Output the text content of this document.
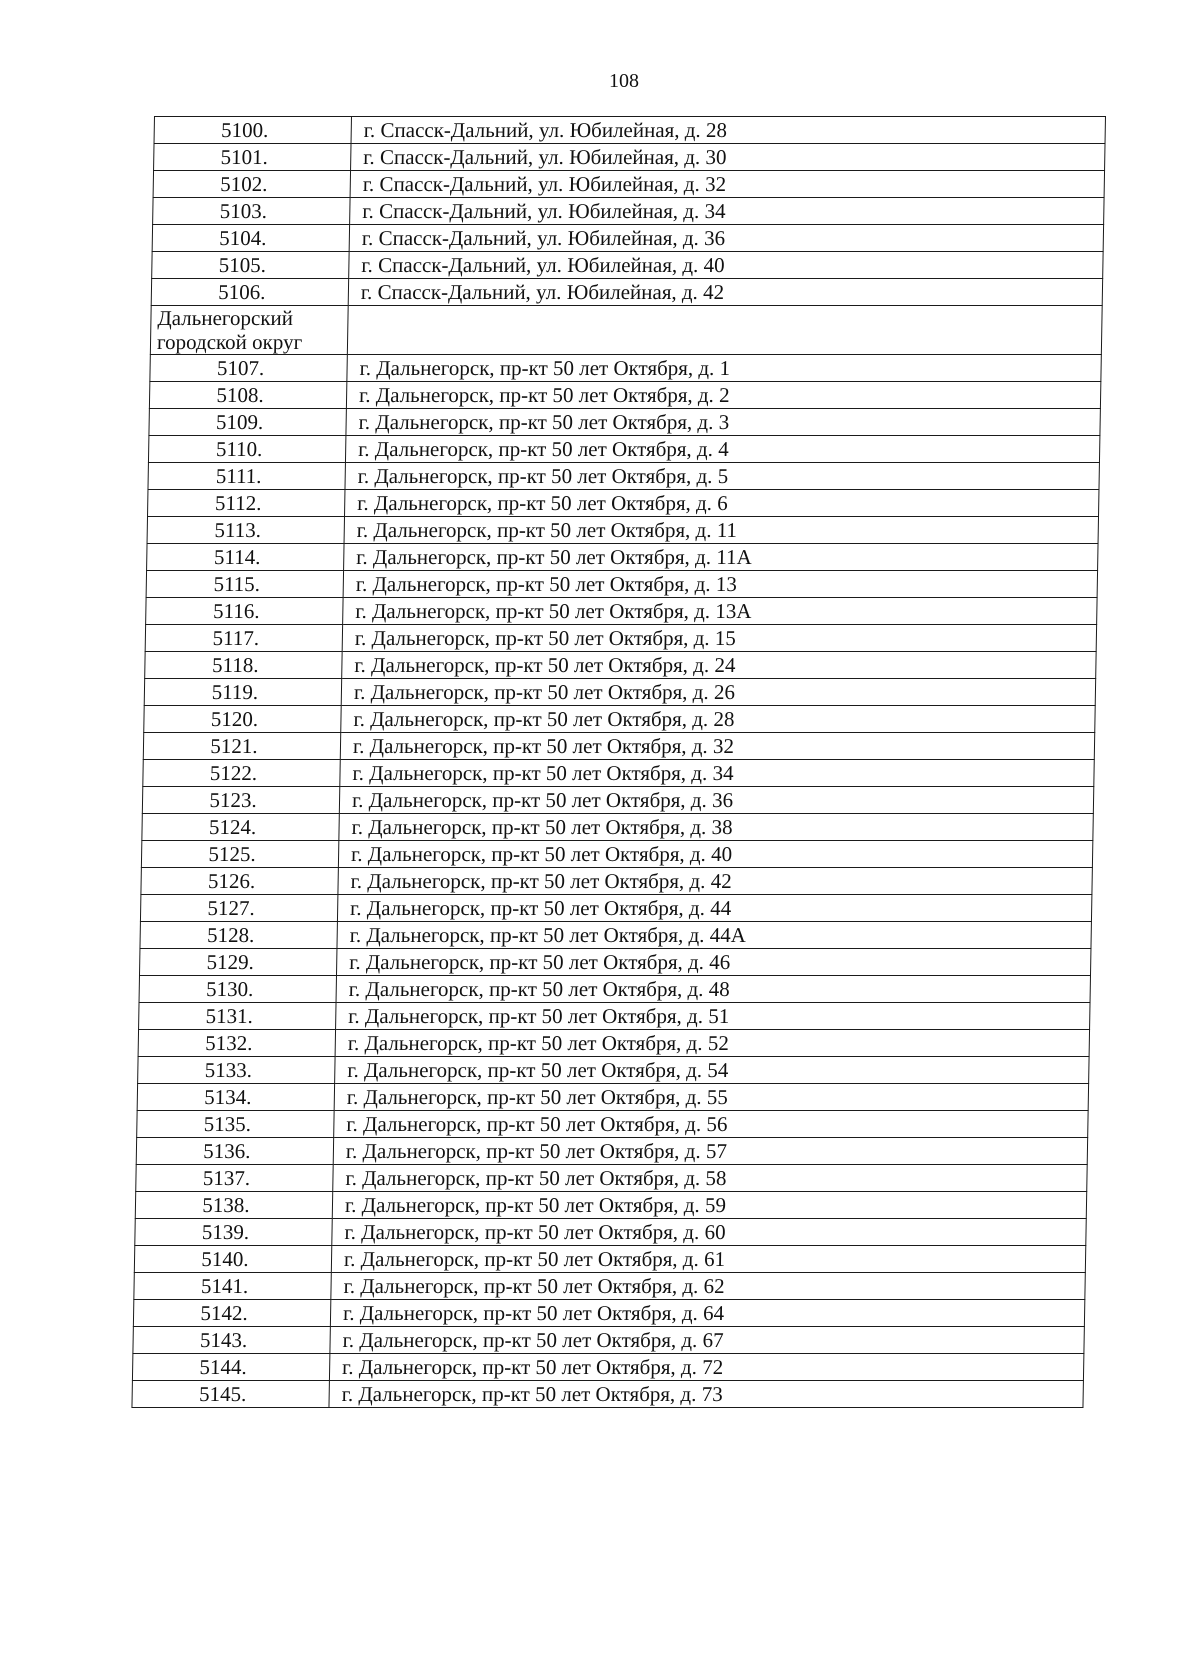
108
5100.	г. Спасск-Дальний, ул. Юбилейная, д. 28
5101.	г. Спасск-Дальний, ул. Юбилейная, д. 30
5102.	г. Спасск-Дальний, ул. Юбилейная, д. 32
5103.	г. Спасск-Дальний, ул. Юбилейная, д. 34
5104.	г. Спасск-Дальний, ул. Юбилейная, д. 36
5105.	г. Спасск-Дальний, ул. Юбилейная, д. 40
5106.	г. Спасск-Дальний, ул. Юбилейная, д. 42

Дальнегорский
городской округ	

5107.	г. Дальнегорск, пр-кт 50 лет Октября, д. 1
5108.	г. Дальнегорск, пр-кт 50 лет Октября, д. 2
5109.	г. Дальнегорск, пр-кт 50 лет Октября, д. 3
5110.	г. Дальнегорск, пр-кт 50 лет Октября, д. 4
5111.	г. Дальнегорск, пр-кт 50 лет Октября, д. 5
5112.	г. Дальнегорск, пр-кт 50 лет Октября, д. 6
5113.	г. Дальнегорск, пр-кт 50 лет Октября, д. 11
5114.	г. Дальнегорск, пр-кт 50 лет Октября, д. 11А
5115.	г. Дальнегорск, пр-кт 50 лет Октября, д. 13
5116.	г. Дальнегорск, пр-кт 50 лет Октября, д. 13А
5117.	г. Дальнегорск, пр-кт 50 лет Октября, д. 15
5118.	г. Дальнегорск, пр-кт 50 лет Октября, д. 24
5119.	г. Дальнегорск, пр-кт 50 лет Октября, д. 26
5120.	г. Дальнегорск, пр-кт 50 лет Октября, д. 28
5121.	г. Дальнегорск, пр-кт 50 лет Октября, д. 32
5122.	г. Дальнегорск, пр-кт 50 лет Октября, д. 34
5123.	г. Дальнегорск, пр-кт 50 лет Октября, д. 36
5124.	г. Дальнегорск, пр-кт 50 лет Октября, д. 38
5125.	г. Дальнегорск, пр-кт 50 лет Октября, д. 40
5126.	г. Дальнегорск, пр-кт 50 лет Октября, д. 42
5127.	г. Дальнегорск, пр-кт 50 лет Октября, д. 44
5128.	г. Дальнегорск, пр-кт 50 лет Октября, д. 44А
5129.	г. Дальнегорск, пр-кт 50 лет Октября, д. 46
5130.	г. Дальнегорск, пр-кт 50 лет Октября, д. 48
5131.	г. Дальнегорск, пр-кт 50 лет Октября, д. 51
5132.	г. Дальнегорск, пр-кт 50 лет Октября, д. 52
5133.	г. Дальнегорск, пр-кт 50 лет Октября, д. 54
5134.	г. Дальнегорск, пр-кт 50 лет Октября, д. 55
5135.	г. Дальнегорск, пр-кт 50 лет Октября, д. 56
5136.	г. Дальнегорск, пр-кт 50 лет Октября, д. 57
5137.	г. Дальнегорск, пр-кт 50 лет Октября, д. 58
5138.	г. Дальнегорск, пр-кт 50 лет Октября, д. 59
5139.	г. Дальнегорск, пр-кт 50 лет Октября, д. 60
5140.	г. Дальнегорск, пр-кт 50 лет Октября, д. 61
5141.	г. Дальнегорск, пр-кт 50 лет Октября, д. 62
5142.	г. Дальнегорск, пр-кт 50 лет Октября, д. 64
5143.	г. Дальнегорск, пр-кт 50 лет Октября, д. 67
5144.	г. Дальнегорск, пр-кт 50 лет Октября, д. 72
5145.	г. Дальнегорск, пр-кт 50 лет Октября, д. 73
